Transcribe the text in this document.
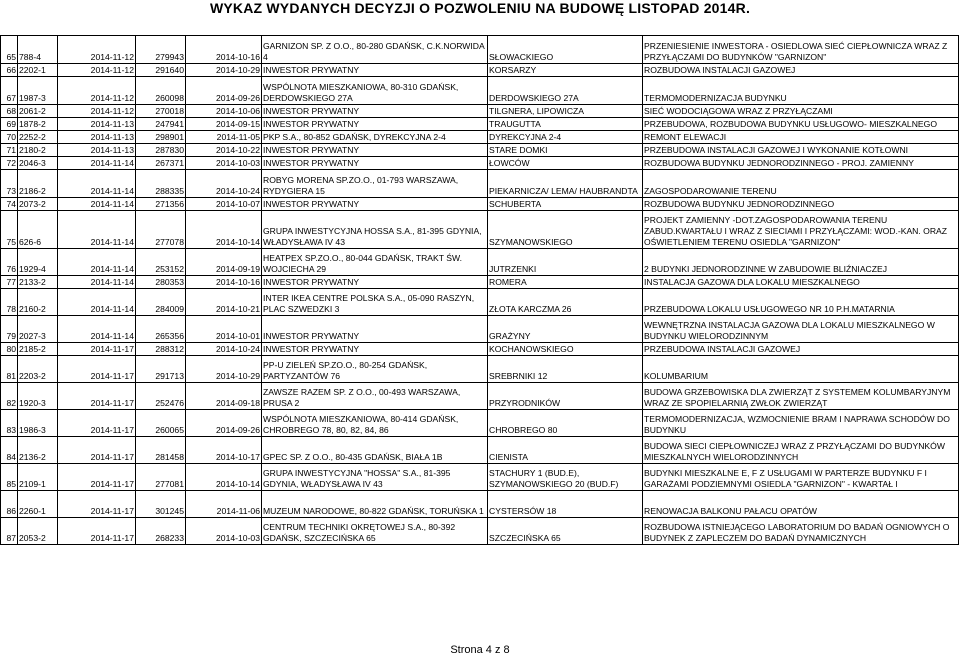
WYKAZ WYDANYCH DECYZJI O POZWOLENIU NA BUDOWĘ LISTOPAD 2014R.
65	788-4	2014-11-12	279943	2014-10-16	GARNIZON SP. Z O.O., 80-280 GDAŃSK, C.K.NORWIDA 4	SŁOWACKIEGO	PRZENIESIENIE INWESTORA - OSIEDLOWA SIEĆ CIEPŁOWNICZA WRAZ Z PRZYŁĄCZAMI DO BUDYNKÓW "GARNIZON"
66	2202-1	2014-11-12	291640	2014-10-29	INWESTOR PRYWATNY	KORSARZY	ROZBUDOWA INSTALACJI GAZOWEJ
67	1987-3	2014-11-12	260098	2014-09-26	WSPÓLNOTA MIESZKANIOWA, 80-310 GDAŃSK, DERDOWSKIEGO 27A	DERDOWSKIEGO 27A	TERMOMODERNIZACJA BUDYNKU
68	2061-2	2014-11-12	270018	2014-10-06	INWESTOR PRYWATNY	TILGNERA, LIPOWICZA	SIEĆ WODOCIĄGOWA WRAZ Z PRZYŁĄCZAMI
69	1878-2	2014-11-13	247941	2014-09-15	INWESTOR PRYWATNY	TRAUGUTTA	PRZEBUDOWA, ROZBUDOWA BUDYNKU USŁUGOWO- MIESZKALNEGO
70	2252-2	2014-11-13	298901	2014-11-05	PKP S.A., 80-852 GDAŃSK, DYREKCYJNA 2-4	DYREKCYJNA 2-4	REMONT ELEWACJI
71	2180-2	2014-11-13	287830	2014-10-22	INWESTOR PRYWATNY	STARE DOMKI	PRZEBUDOWA INSTALACJI GAZOWEJ I WYKONANIE KOTŁOWNI
72	2046-3	2014-11-14	267371	2014-10-03	INWESTOR PRYWATNY	ŁOWCÓW	ROZBUDOWA BUDYNKU JEDNORODZINNEGO - PROJ. ZAMIENNY
73	2186-2	2014-11-14	288335	2014-10-24	ROBYG MORENA SP.ZO.O., 01-793 WARSZAWA, RYDYGIERA 15	PIEKARNICZA/ LEMA/ HAUBRANDTA	ZAGOSPODAROWANIE TERENU
74	2073-2	2014-11-14	271356	2014-10-07	INWESTOR PRYWATNY	SCHUBERTA	ROZBUDOWA BUDYNKU JEDNORODZINNEGO
75	626-6	2014-11-14	277078	2014-10-14	GRUPA INWESTYCYJNA HOSSA S.A., 81-395 GDYNIA, WŁADYSŁAWA IV 43	SZYMANOWSKIEGO	PROJEKT ZAMIENNY -DOT.ZAGOSPODAROWANIA TERENU ZABUD.KWARTAŁU I WRAZ Z SIECIAMI I PRZYŁĄCZAMI: WOD.-KAN. ORAZ OŚWIETLENIEM TERENU OSIEDLA "GARNIZON"
76	1929-4	2014-11-14	253152	2014-09-19	HEATPEX SP.ZO.O., 80-044 GDAŃSK, TRAKT ŚW. WOJCIECHA 29	JUTRZENKI	2 BUDYNKI JEDNORODZINNE W ZABUDOWIE BLIŹNIACZEJ
77	2133-2	2014-11-14	280353	2014-10-16	INWESTOR PRYWATNY	ROMERA	INSTALACJA GAZOWA DLA LOKALU MIESZKALNEGO
78	2160-2	2014-11-14	284009	2014-10-21	INTER IKEA CENTRE POLSKA S.A., 05-090 RASZYN, PLAC SZWEDZKI 3	ZŁOTA KARCZMA 26	PRZEBUDOWA LOKALU USŁUGOWEGO NR 10 P.H.MATARNIA
79	2027-3	2014-11-14	265356	2014-10-01	INWESTOR PRYWATNY	GRAŻYNY	WEWNĘTRZNA INSTALACJA GAZOWA DLA LOKALU MIESZKALNEGO W BUDYNKU WIELORODZINNYM
80	2185-2	2014-11-17	288312	2014-10-24	INWESTOR PRYWATNY	KOCHANOWSKIEGO	PRZEBUDOWA INSTALACJI GAZOWEJ
81	2203-2	2014-11-17	291713	2014-10-29	PP-U ZIELEŃ SP.ZO.O., 80-254 GDAŃSK, PARTYZANTÓW 76	SREBRNIKI 12	KOLUMBARIUM
82	1920-3	2014-11-17	252476	2014-09-18	ZAWSZE RAZEM SP. Z O.O., 00-493 WARSZAWA, PRUSA 2	PRZYRODNIKÓW	BUDOWA GRZEBOWISKA DLA ZWIERZĄT Z SYSTEMEM KOLUMBARYJNYM WRAZ ZE SPOPIELARNIĄ ZWŁOK ZWIERZĄT
83	1986-3	2014-11-17	260065	2014-09-26	WSPÓLNOTA MIESZKANIOWA, 80-414 GDAŃSK, CHROBREGO 78, 80, 82, 84, 86	CHROBREGO 80	TERMOMODERNIZACJA, WZMOCNIENIE BRAM I NAPRAWA SCHODÓW DO BUDYNKU
84	2136-2	2014-11-17	281458	2014-10-17	GPEC SP. Z O.O., 80-435 GDAŃSK, BIAŁA 1B	CIENISTA	BUDOWA SIECI CIEPŁOWNICZEJ WRAZ Z PRZYŁĄCZAMI DO BUDYNKÓW MIESZKALNYCH WIELORODZINNYCH
85	2109-1	2014-11-17	277081	2014-10-14	GRUPA INWESTYCYJNA "HOSSA" S.A., 81-395 GDYNIA, WŁADYSŁAWA IV 43	STACHURY 1 (BUD.E), SZYMANOWSKIEGO 20 (BUD.F)	BUDYNKI MIESZKALNE E, F Z USŁUGAMI W PARTERZE BUDYNKU F I GARAŻAMI PODZIEMNYMI OSIEDLA "GARNIZON" - KWARTAŁ I
86	2260-1	2014-11-17	301245	2014-11-06	MUZEUM NARODOWE, 80-822 GDAŃSK, TORUŃSKA 1	CYSTERSÓW 18	RENOWACJA BALKONU PAŁACU OPATÓW
87	2053-2	2014-11-17	268233	2014-10-03	CENTRUM TECHNIKI OKRĘTOWEJ S.A., 80-392 GDAŃSK, SZCZECIŃSKA 65	SZCZECIŃSKA 65	ROZBUDOWA ISTNIEJĄCEGO LABORATORIUM DO BADAŃ OGNIOWYCH O BUDYNEK Z ZAPLECZEM DO BADAŃ DYNAMICZNYCH
Strona 4 z 8
